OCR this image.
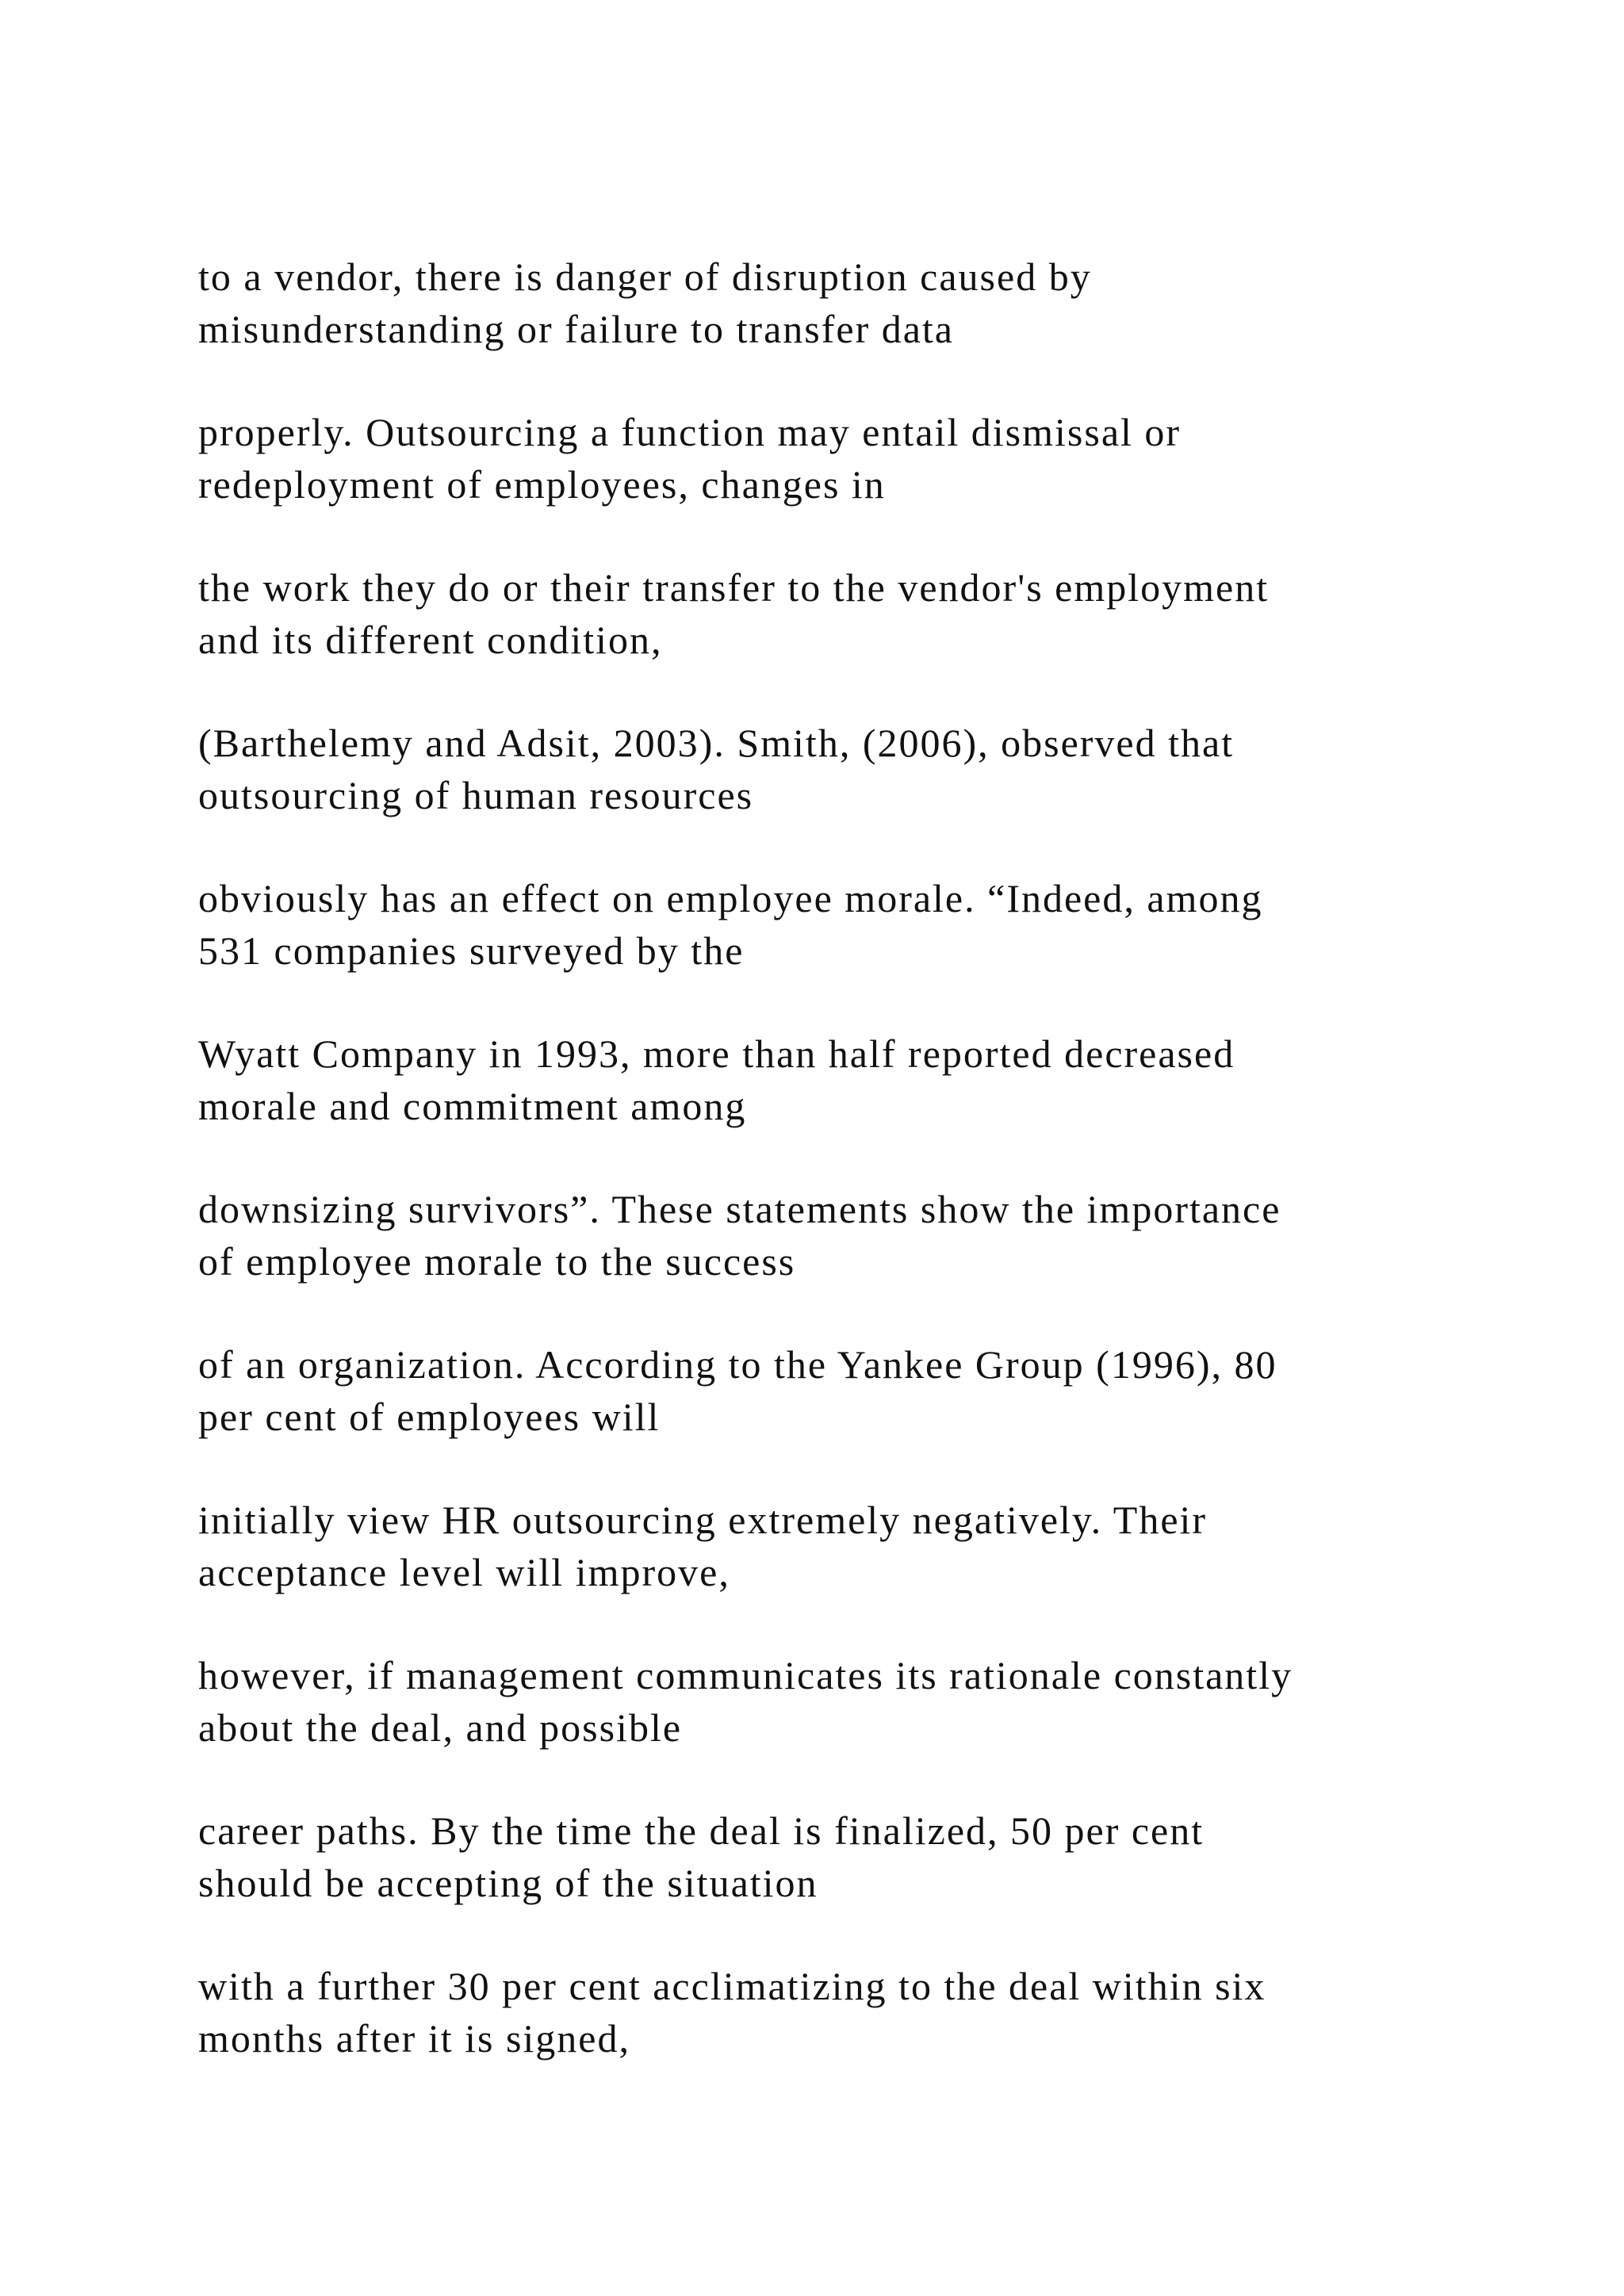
to a vendor, there is danger of disruption caused by
misunderstanding or failure to transfer data

properly. Outsourcing a function may entail dismissal or
redeployment of employees, changes in

the work they do or their transfer to the vendor's employment
and its different condition,

(Barthelemy and Adsit, 2003). Smith, (2006), observed that
outsourcing of human resources

obviously has an effect on employee morale. “Indeed, among
531 companies surveyed by the

Wyatt Company in 1993, more than half reported decreased
morale and commitment among

downsizing survivors”. These statements show the importance
of employee morale to the success

of an organization. According to the Yankee Group (1996), 80
per cent of employees will

initially view HR outsourcing extremely negatively. Their
acceptance level will improve,

however, if management communicates its rationale constantly
about the deal, and possible

career paths. By the time the deal is finalized, 50 per cent
should be accepting of the situation

with a further 30 per cent acclimatizing to the deal within six
months after it is signed,
